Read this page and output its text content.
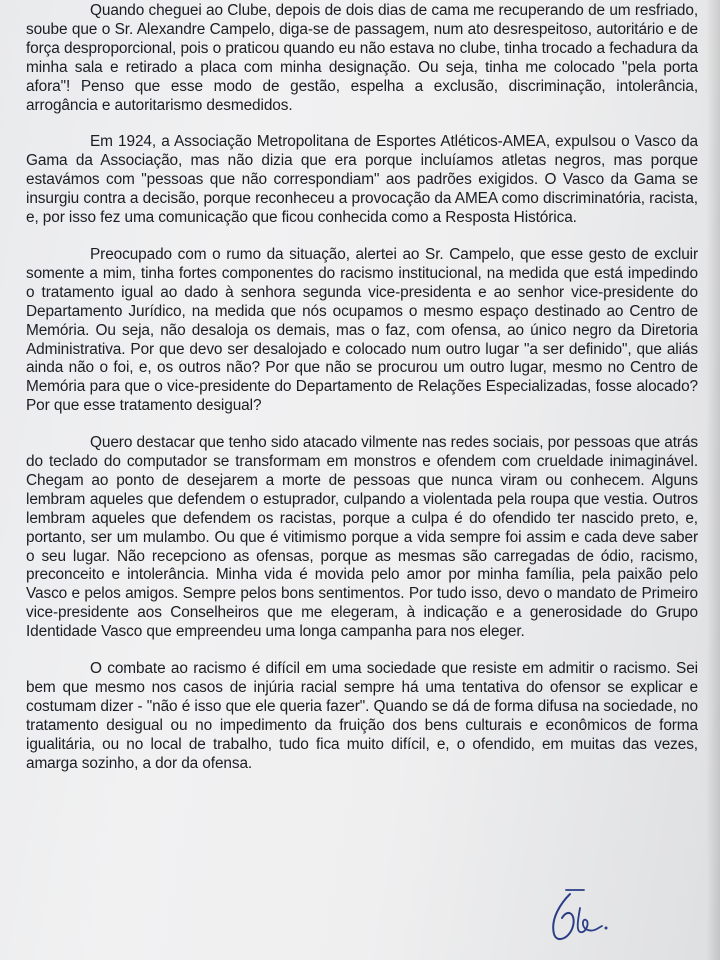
Quando cheguei ao Clube, depois de dois dias de cama me recuperando de um resfriado, soube que o Sr. Alexandre Campelo, diga-se de passagem, num ato desrespeitoso, autoritário e de força desproporcional, pois o praticou quando eu não estava no clube, tinha trocado a fechadura da minha sala e retirado a placa com minha designação. Ou seja, tinha me colocado "pela porta afora"! Penso que esse modo de gestão, espelha a exclusão, discriminação, intolerância, arrogância e autoritarismo desmedidos.

Em 1924, a Associação Metropolitana de Esportes Atléticos-AMEA, expulsou o Vasco da Gama da Associação, mas não dizia que era porque incluíamos atletas negros, mas porque estavámos com "pessoas que não correspondiam" aos padrões exigidos. O Vasco da Gama se insurgiu contra a decisão, porque reconheceu a provocação da AMEA como discriminatória, racista, e, por isso fez uma comunicação que ficou conhecida como a Resposta Histórica.

Preocupado com o rumo da situação, alertei ao Sr. Campelo, que esse gesto de excluir somente a mim, tinha fortes componentes do racismo institucional, na medida que está impedindo o tratamento igual ao dado à senhora segunda vice-presidenta e ao senhor vice-presidente do Departamento Jurídico, na medida que nós ocupamos o mesmo espaço destinado ao Centro de Memória. Ou seja, não desaloja os demais, mas o faz, com ofensa, ao único negro da Diretoria Administrativa. Por que devo ser desalojado e colocado num outro lugar "a ser definido", que aliás ainda não o foi, e, os outros não? Por que não se procurou um outro lugar, mesmo no Centro de Memória para que o vice-presidente do Departamento de Relações Especializadas, fosse alocado? Por que esse tratamento desigual?

Quero destacar que tenho sido atacado vilmente nas redes sociais, por pessoas que atrás do teclado do computador se transformam em monstros e ofendem com crueldade inimaginável. Chegam ao ponto de desejarem a morte de pessoas que nunca viram ou conhecem. Alguns lembram aqueles que defendem o estuprador, culpando a violentada pela roupa que vestia. Outros lembram aqueles que defendem os racistas, porque a culpa é do ofendido ter nascido preto, e, portanto, ser um mulambo. Ou que é vitimismo porque a vida sempre foi assim e cada deve saber o seu lugar. Não recepciono as ofensas, porque as mesmas são carregadas de ódio, racismo, preconceito e intolerância. Minha vida é movida pelo amor por minha família, pela paixão pelo Vasco e pelos amigos. Sempre pelos bons sentimentos. Por tudo isso, devo o mandato de Primeiro vice-presidente aos Conselheiros que me elegeram, à indicação e a generosidade do Grupo Identidade Vasco que empreendeu uma longa campanha para nos eleger.

O combate ao racismo é difícil em uma sociedade que resiste em admitir o racismo. Sei bem que mesmo nos casos de injúria racial sempre há uma tentativa do ofensor se explicar e costumam dizer - "não é isso que ele queria fazer". Quando se dá de forma difusa na sociedade, no tratamento desigual ou no impedimento da fruição dos bens culturais e econômicos de forma igualitária, ou no local de trabalho, tudo fica muito difícil, e, o ofendido, em muitas das vezes, amarga sozinho, a dor da ofensa.
